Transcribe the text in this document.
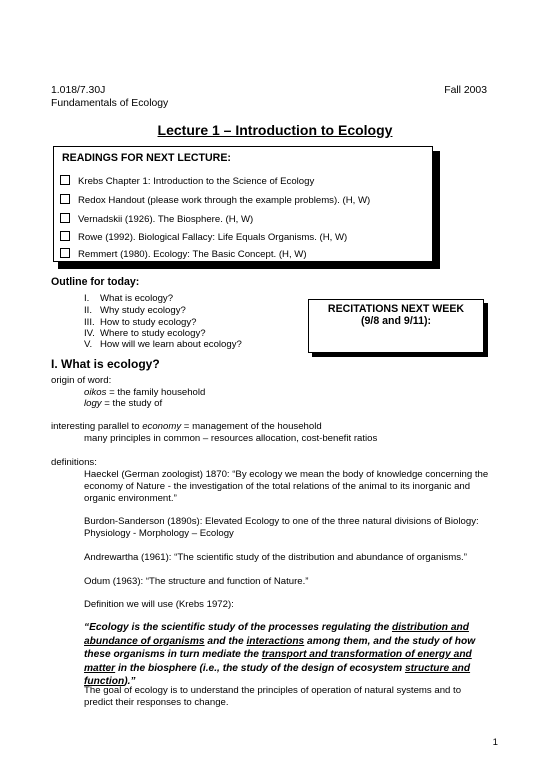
1.018/7.30J	Fall 2003
Fundamentals of Ecology
Lecture 1 – Introduction to Ecology
READINGS FOR NEXT LECTURE:
Krebs Chapter 1: Introduction to the Science of Ecology
Redox Handout (please work through the example problems). (H, W)
Vernadskii (1926). The Biosphere. (H, W)
Rowe (1992). Biological Fallacy: Life Equals Organisms. (H, W)
Remmert (1980). Ecology: The Basic Concept. (H, W)
Outline for today:
I. What is ecology?
II. Why study ecology?
III. How to study ecology?
IV. Where to study ecology?
V. How will we learn about ecology?
RECITATIONS NEXT WEEK
(9/8 and 9/11):
I. What is ecology?
origin of word:
oikos = the family household
logy = the study of
interesting parallel to economy = management of the household
many principles in common – resources allocation, cost-benefit ratios
definitions:
Haeckel (German zoologist) 1870: “By ecology we mean the body of knowledge concerning the economy of Nature - the investigation of the total relations of the animal to its inorganic and organic environment.”
Burdon-Sanderson (1890s): Elevated Ecology to one of the three natural divisions of Biology: Physiology - Morphology – Ecology
Andrewartha (1961): “The scientific study of the distribution and abundance of organisms.”
Odum (1963): “The structure and function of Nature.”
Definition we will use (Krebs 1972):
“Ecology is the scientific study of the processes regulating the distribution and abundance of organisms and the interactions among them, and the study of how these organisms in turn mediate the transport and transformation of energy and matter in the biosphere (i.e., the study of the design of ecosystem structure and function).”
The goal of ecology is to understand the principles of operation of natural systems and to predict their responses to change.
1
